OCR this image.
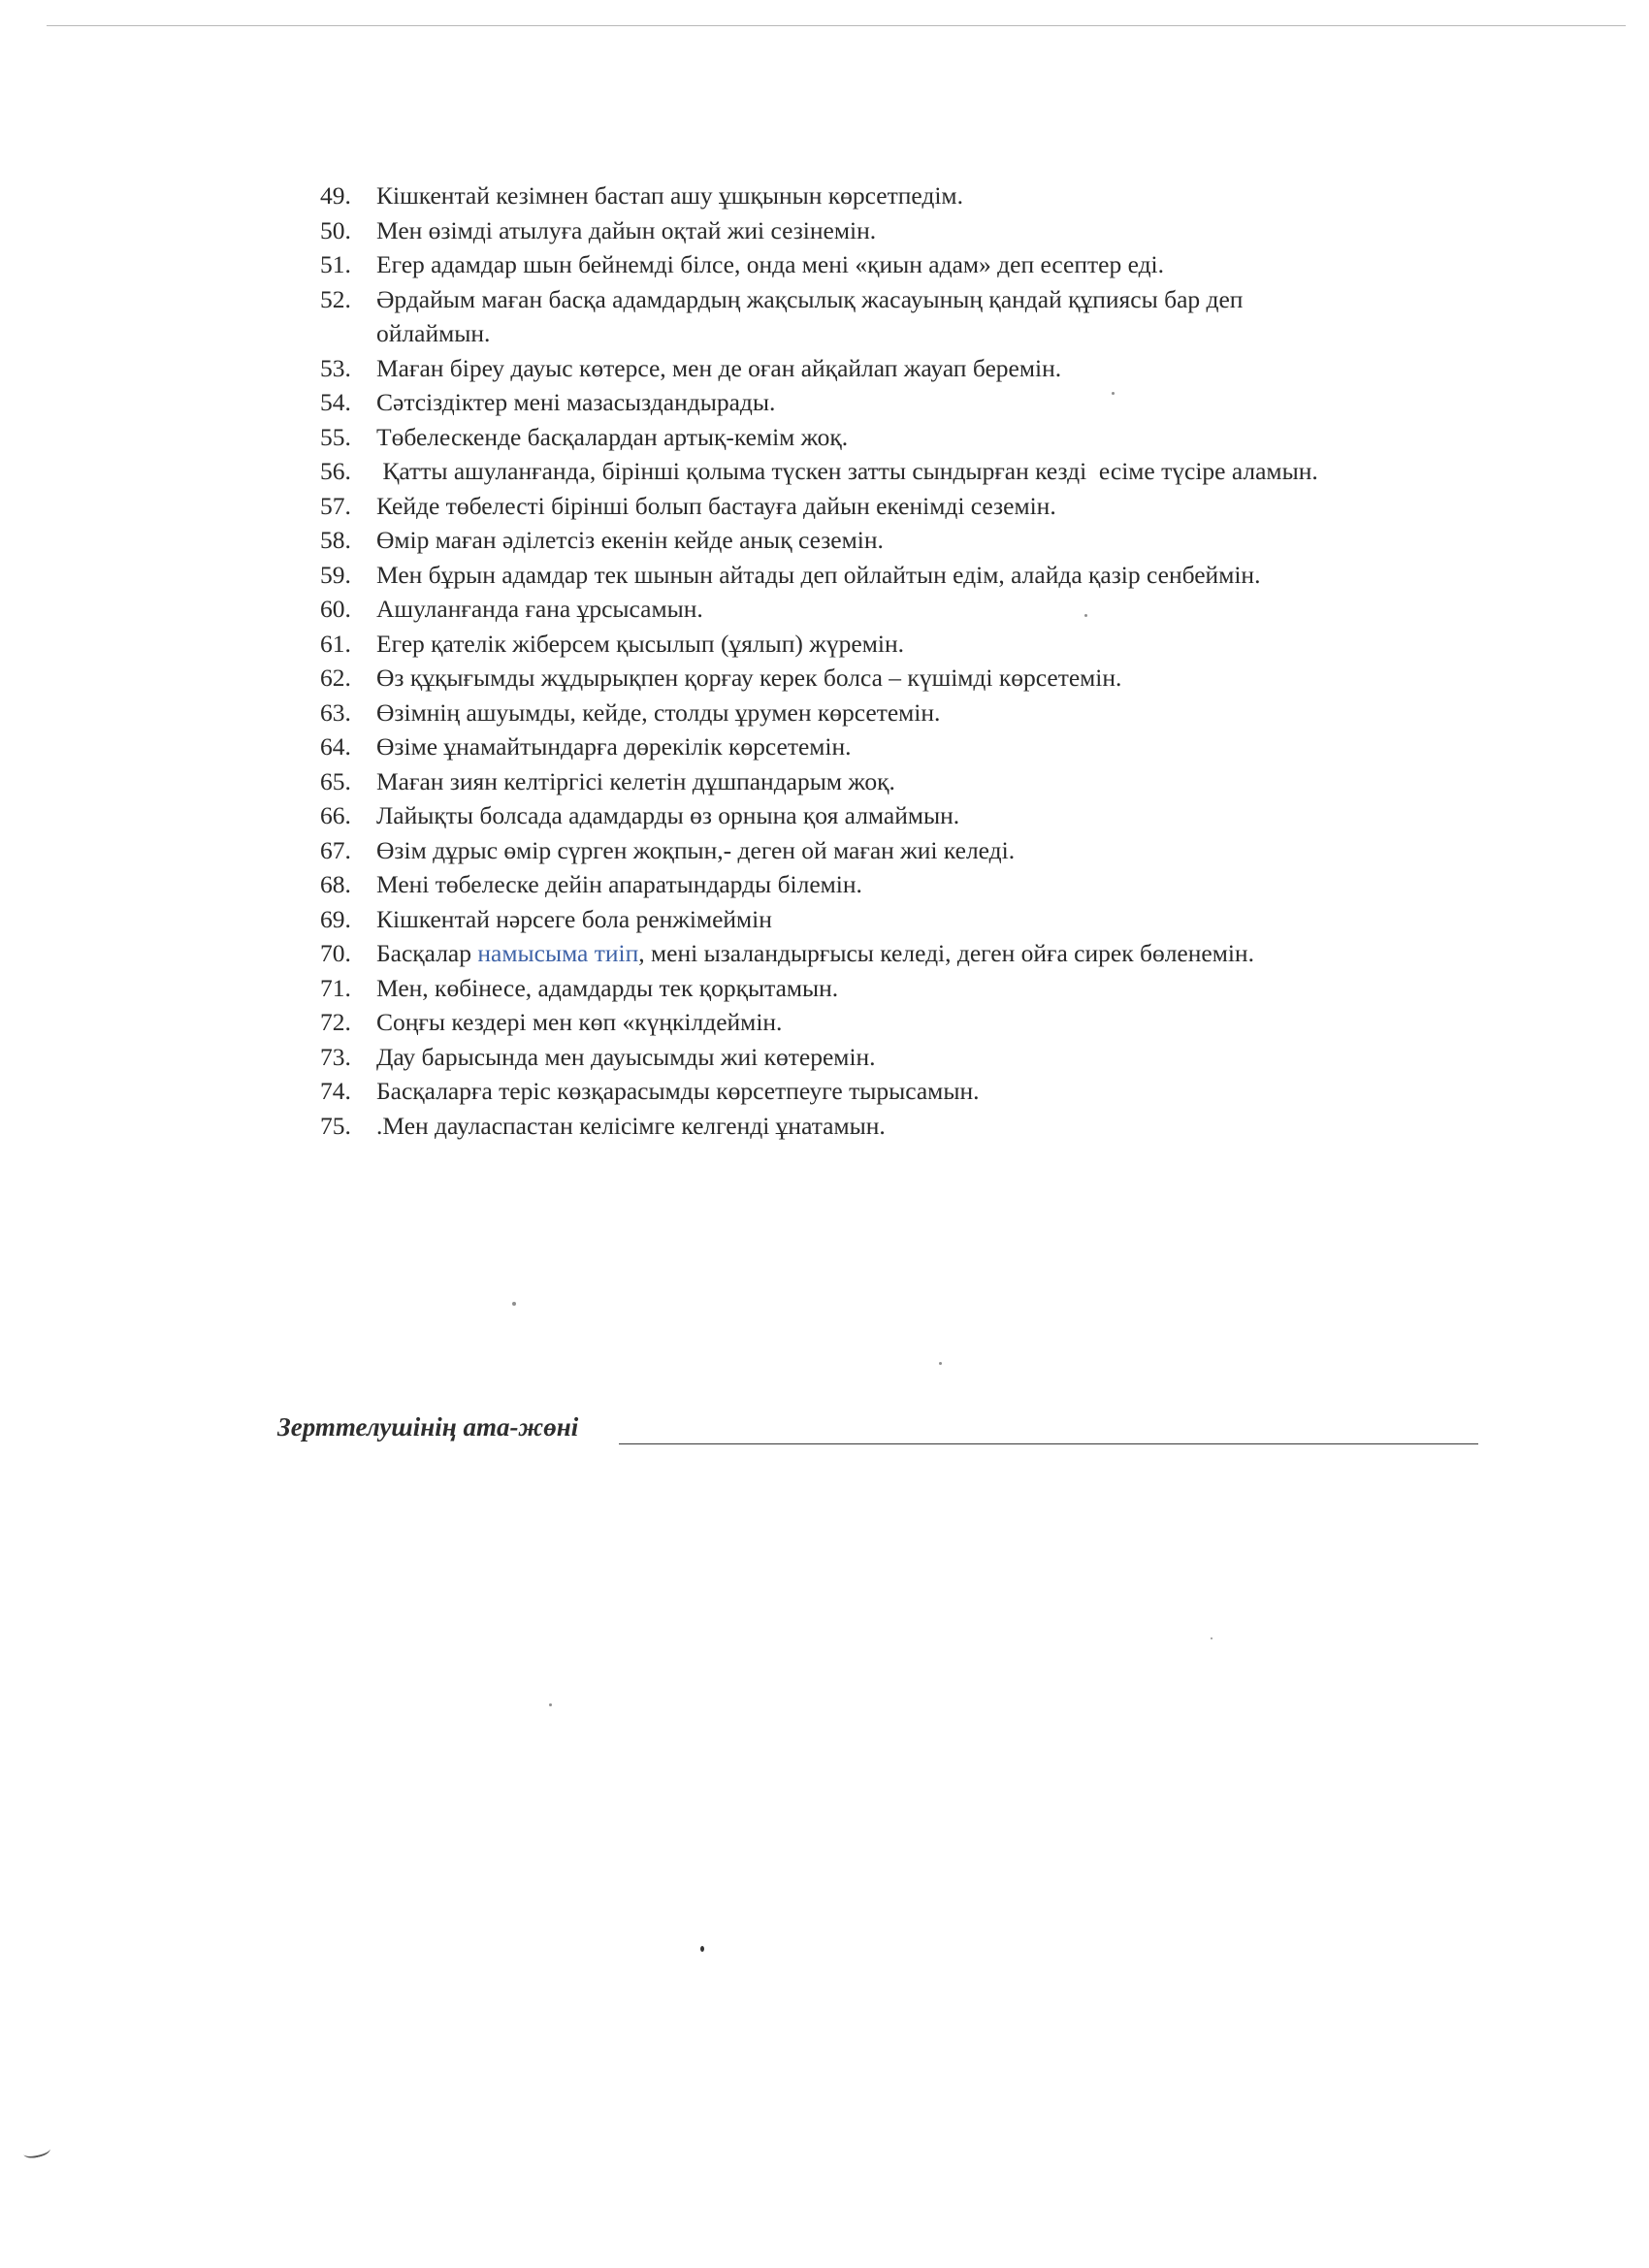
49.	Кішкентай кезімнен бастап ашу ұшқынын көрсетпедім.
50.	Мен өзімді атылуға дайын оқтай жиі сезінемін.
51.	Егер адамдар шын бейнемді білсе, онда мені «қиын адам» деп есептер еді.
52.	Әрдайым маған басқа адамдардың жақсылық жасауының қандай құпиясы бар деп
ойлаймын.
53.	Маған біреу дауыс көтерсе, мен де оған айқайлап жауап беремін.
54.	Сәтсіздіктер мені мазасыздандырады.
55.	Төбелескенде басқалардан артық-кемім жоқ.
56.	Қатты ашуланғанда, бірінші қолыма түскен затты сындырған кезді  есіме түсіре аламын.
57.	Кейде төбелесті бірінші болып бастауға дайын екенімді сеземін.
58.	Өмір маған әділетсіз екенін кейде анық сеземін.
59.	Мен бұрын адамдар тек шынын айтады деп ойлайтын едім, алайда қазір сенбеймін.
60.	Ашуланғанда ғана ұрсысамын.
61.	Егер қателік жіберсем қысылып (ұялып) жүремін.
62.	Өз құқығымды жұдырықпен қорғау керек болса – күшімді көрсетемін.
63.	Өзімнің ашуымды, кейде, столды ұрумен көрсетемін.
64.	Өзіме ұнамайтындарға дөрекілік көрсетемін.
65.	Маған зиян келтіргісі келетін дұшпандарым жоқ.
66.	Лайықты болсада адамдарды өз орнына қоя алмаймын.
67.	Өзім дұрыс өмір сүрген жоқпын,- деген ой маған жиі келеді.
68.	Мені төбелеске дейін апаратындарды білемін.
69.	Кішкентай нәрсеге бола ренжімеймін
70.	Басқалар намысыма тиіп, мені ызаландырғысы келеді, деген ойға сирек бөленемін.
71.	Мен, көбінесе, адамдарды тек қорқытамын.
72.	Соңғы кездері мен көп «күңкілдеймін.
73.	Дау барысында мен дауысымды жиі көтеремін.
74.	Басқаларға теріс көзқарасымды көрсетпеуге тырысамын.
75.	.Мен дауласпастан келісімге келгенді ұнатамын.
Зерттелушінің ата-жөні
